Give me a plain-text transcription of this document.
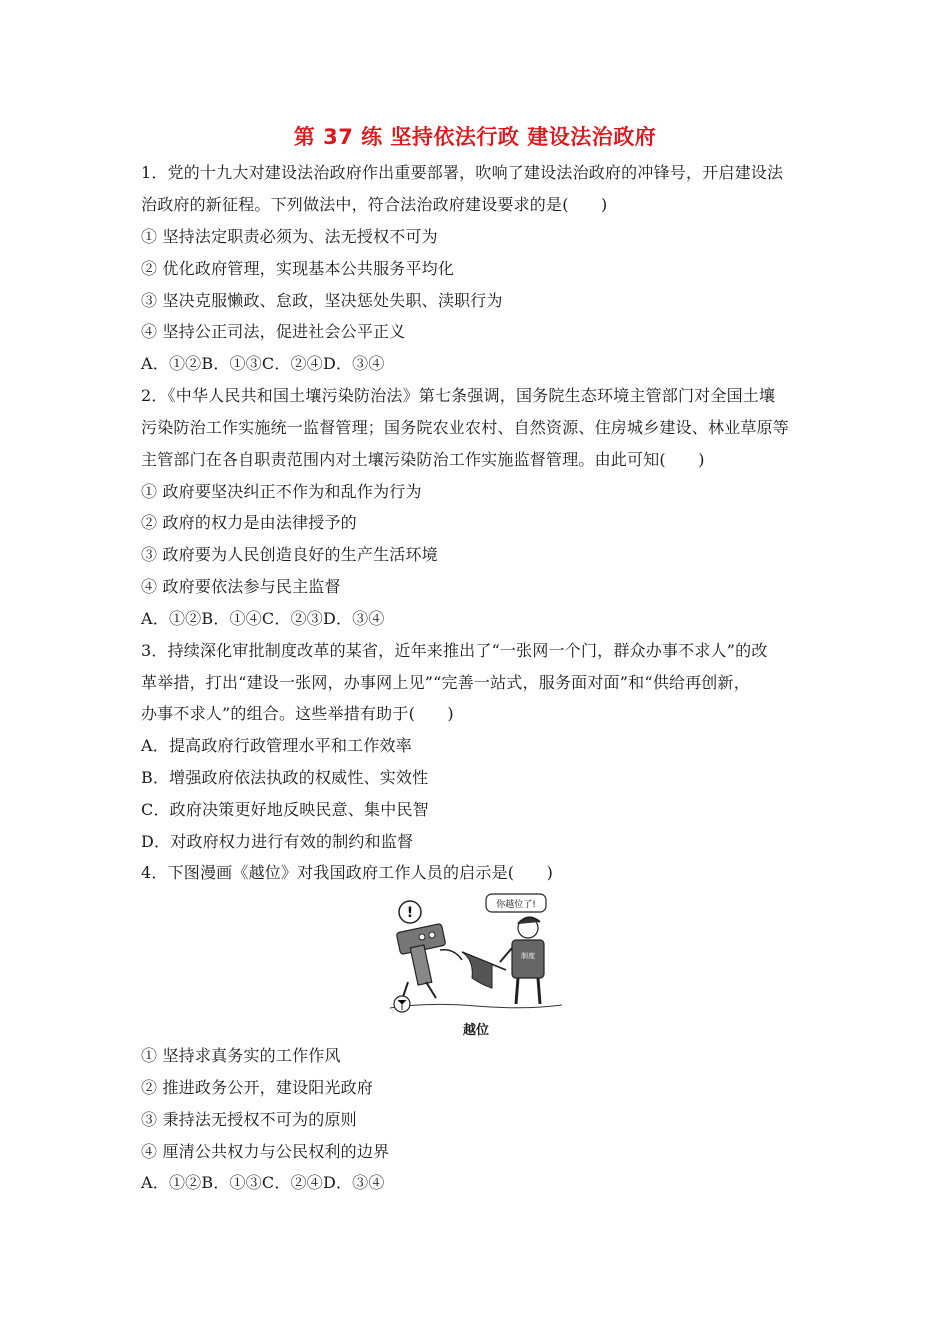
第 37 练 坚持依法行政 建设法治政府
1．党的十九大对建设法治政府作出重要部署，吹响了建设法治政府的冲锋号，开启建设法
治政府的新征程。下列做法中，符合法治政府建设要求的是(　　)
① 坚持法定职责必须为、法无授权不可为
② 优化政府管理，实现基本公共服务平均化
③ 坚决克服懒政、怠政，坚决惩处失职、渎职行为
④ 坚持公正司法，促进社会公平正义
A．①②B．①③C．②④D．③④
2．《中华人民共和国土壤污染防治法》第七条强调，国务院生态环境主管部门对全国土壤
污染防治工作实施统一监督管理；国务院农业农村、自然资源、住房城乡建设、林业草原等
主管部门在各自职责范围内对土壤污染防治工作实施监督管理。由此可知(　　)
① 政府要坚决纠正不作为和乱作为行为
② 政府的权力是由法律授予的
③ 政府要为人民创造良好的生产生活环境
④ 政府要依法参与民主监督
A．①②B．①④C．②③D．③④
3．持续深化审批制度改革的某省，近年来推出了“一张网一个门，群众办事不求人”的改
革举措，打出“建设一张网，办事网上见”“完善一站式，服务面对面”和“供给再创新，
办事不求人”的组合。这些举措有助于(　　)
A．提高政府行政管理水平和工作效率
B．增强政府依法执政的权威性、实效性
C．政府决策更好地反映民意、集中民智
D．对政府权力进行有效的制约和监督
4．下图漫画《越位》对我国政府工作人员的启示是(　　)
!	你越位了!
制度
越位
① 坚持求真务实的工作作风
② 推进政务公开，建设阳光政府
③ 秉持法无授权不可为的原则
④ 厘清公共权力与公民权利的边界
A．①②B．①③C．②④D．③④
